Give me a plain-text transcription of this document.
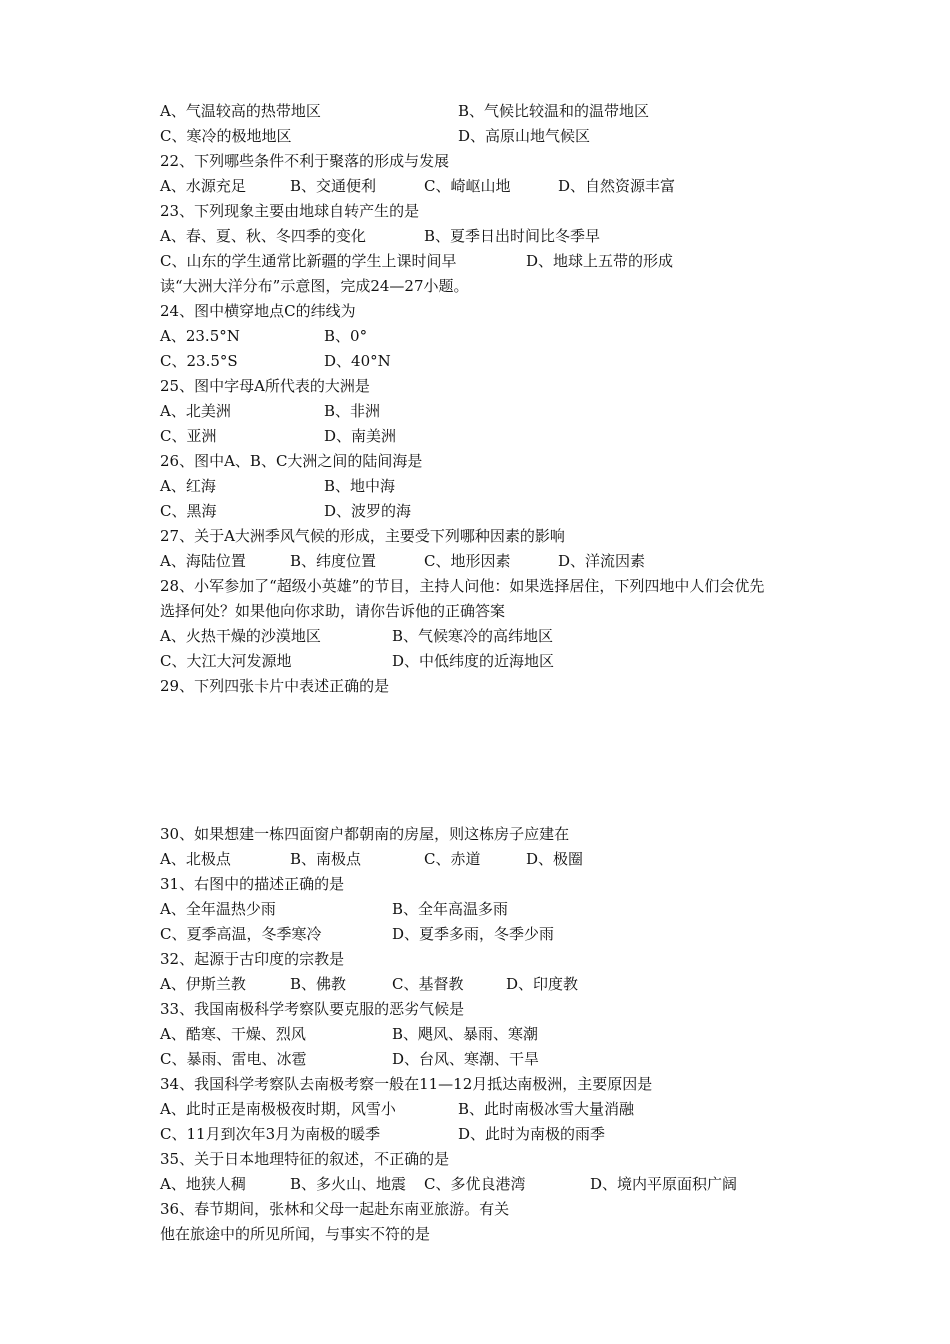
A、气温较高的热带地区	B、气候比较温和的温带地区
C、寒冷的极地地区	D、高原山地气候区
22、下列哪些条件不利于聚落的形成与发展
A、水源充足	B、交通便利	C、崎岖山地	D、自然资源丰富
23、下列现象主要由地球自转产生的是
A、春、夏、秋、冬四季的变化	B、夏季日出时间比冬季早
C、山东的学生通常比新疆的学生上课时间早	D、地球上五带的形成
读“大洲大洋分布”示意图，完成24—27小题。
24、图中横穿地点C的纬线为
A、23.5°N	B、0°
C、23.5°S	D、40°N
25、图中字母A所代表的大洲是
A、北美洲	B、非洲
C、亚洲	D、南美洲
26、图中A、B、C大洲之间的陆间海是
A、红海	B、地中海
C、黑海	D、波罗的海
27、关于A大洲季风气候的形成，主要受下列哪种因素的影响
A、海陆位置	B、纬度位置	C、地形因素	D、洋流因素
28、小军参加了“超级小英雄”的节目，主持人问他：如果选择居住，下列四地中人们会优先
选择何处？如果他向你求助，请你告诉他的正确答案
A、火热干燥的沙漠地区	B、气候寒冷的高纬地区
C、大江大河发源地	D、中低纬度的近海地区
29、下列四张卡片中表述正确的是
30、如果想建一栋四面窗户都朝南的房屋，则这栋房子应建在
A、北极点	B、南极点	C、赤道	D、极圈
31、右图中的描述正确的是
A、全年温热少雨	B、全年高温多雨
C、夏季高温，冬季寒冷	D、夏季多雨，冬季少雨
32、起源于古印度的宗教是
A、伊斯兰教	B、佛教	C、基督教	D、印度教
33、我国南极科学考察队要克服的恶劣气候是
A、酷寒、干燥、烈风	B、飓风、暴雨、寒潮
C、暴雨、雷电、冰雹	D、台风、寒潮、干旱
34、我国科学考察队去南极考察一般在11—12月抵达南极洲，主要原因是
A、此时正是南极极夜时期，风雪小	B、此时南极冰雪大量消融
C、11月到次年3月为南极的暖季	D、此时为南极的雨季
35、关于日本地理特征的叙述，不正确的是
A、地狭人稠	B、多火山、地震 C、多优良港湾	D、境内平原面积广阔
36、春节期间，张林和父母一起赴东南亚旅游。有关
他在旅途中的所见所闻，与事实不符的是
